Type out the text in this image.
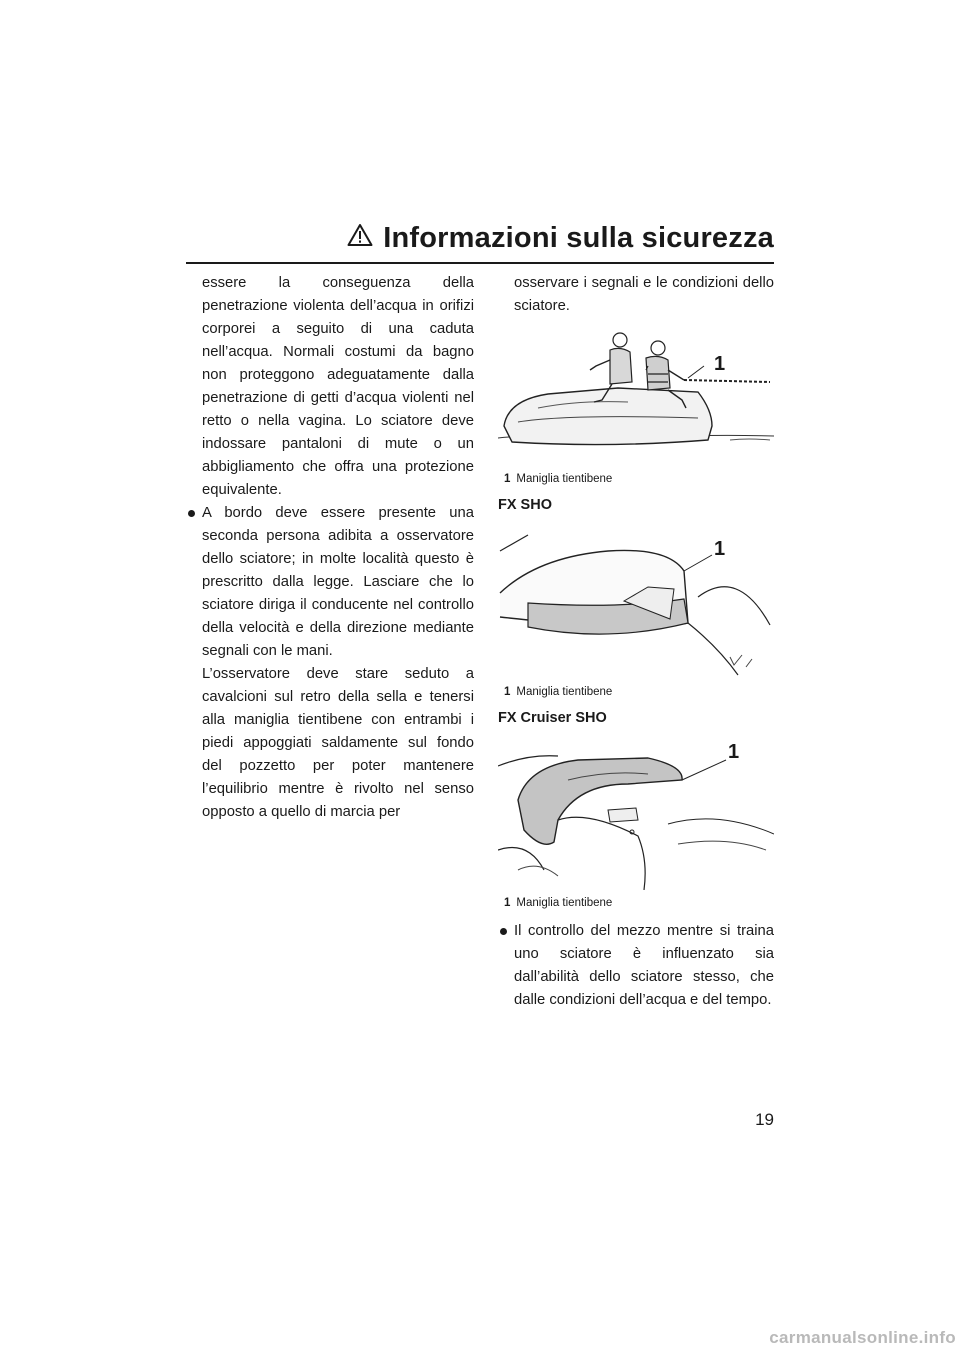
Informazioni sulla sicurezza

essere la conseguenza della penetrazione violenta dell’acqua in orifizi corporei a seguito di una caduta nell’acqua. Normali costumi da bagno non proteggono adeguatamente dalla penetrazione di getti d’acqua violenti nel retto o nella vagina. Lo sciatore deve indossare pantaloni di mute o un abbigliamento che offra una protezione equivalente.

A bordo deve essere presente una seconda persona adibita a osservatore dello sciatore; in molte località questo è prescritto dalla legge. Lasciare che lo sciatore diriga il conducente nel controllo della velocità e della direzione mediante segnali con le mani.

L’osservatore deve stare seduto a cavalcioni sul retro della sella e tenersi alla maniglia tientibene con entrambi i piedi appoggiati saldamente sul fondo del pozzetto per poter mantenere l’equilibrio mentre è rivolto nel senso opposto a quello di marcia per

osservare i segnali e le condizioni dello sciatore.

1
1 Maniglia tientibene
FX SHO
1
1 Maniglia tientibene
FX Cruiser SHO
1
1 Maniglia tientibene

Il controllo del mezzo mentre si traina uno sciatore è influenzato sia dall’abilità dello sciatore stesso, che dalle condizioni dell’acqua e del tempo.

19
carmanualsonline.info
